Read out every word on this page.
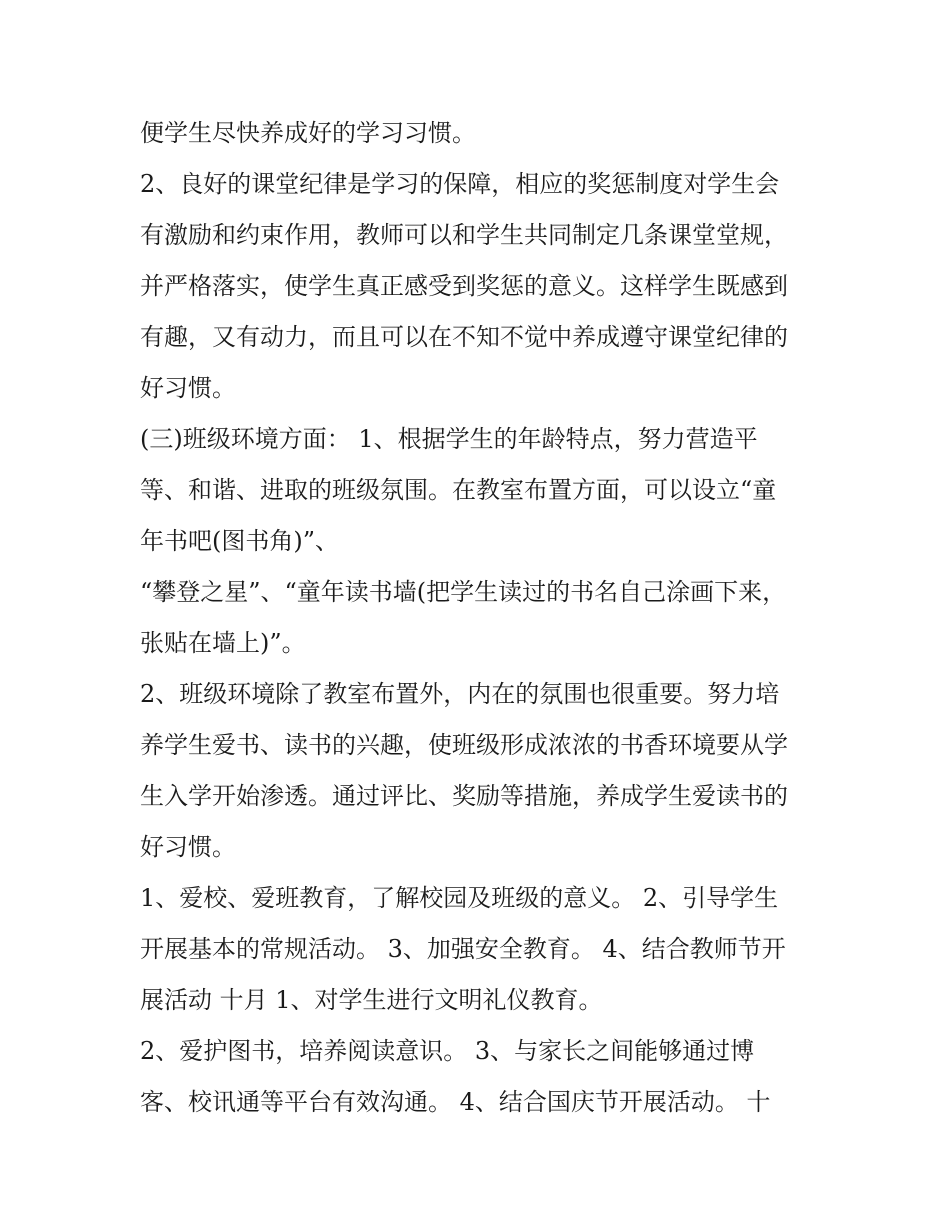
便学生尽快养成好的学习习惯。
2、良好的课堂纪律是学习的保障，相应的奖惩制度对学生会
有激励和约束作用，教师可以和学生共同制定几条课堂堂规，
并严格落实，使学生真正感受到奖惩的意义。这样学生既感到
有趣，又有动力，而且可以在不知不觉中养成遵守课堂纪律的
好习惯。
(三)班级环境方面： 1、根据学生的年龄特点，努力营造平
等、和谐、进取的班级氛围。在教室布置方面，可以设立“童
年书吧(图书角)”、
“攀登之星”、“童年读书墙(把学生读过的书名自己涂画下来，
张贴在墙上)”。
2、班级环境除了教室布置外，内在的氛围也很重要。努力培
养学生爱书、读书的兴趣，使班级形成浓浓的书香环境要从学
生入学开始渗透。通过评比、奖励等措施，养成学生爱读书的
好习惯。
1、爱校、爱班教育，了解校园及班级的意义。 2、引导学生
开展基本的常规活动。 3、加强安全教育。 4、结合教师节开
展活动 十月 1、对学生进行文明礼仪教育。
2、爱护图书，培养阅读意识。 3、与家长之间能够通过博
客、校讯通等平台有效沟通。 4、结合国庆节开展活动。 十
